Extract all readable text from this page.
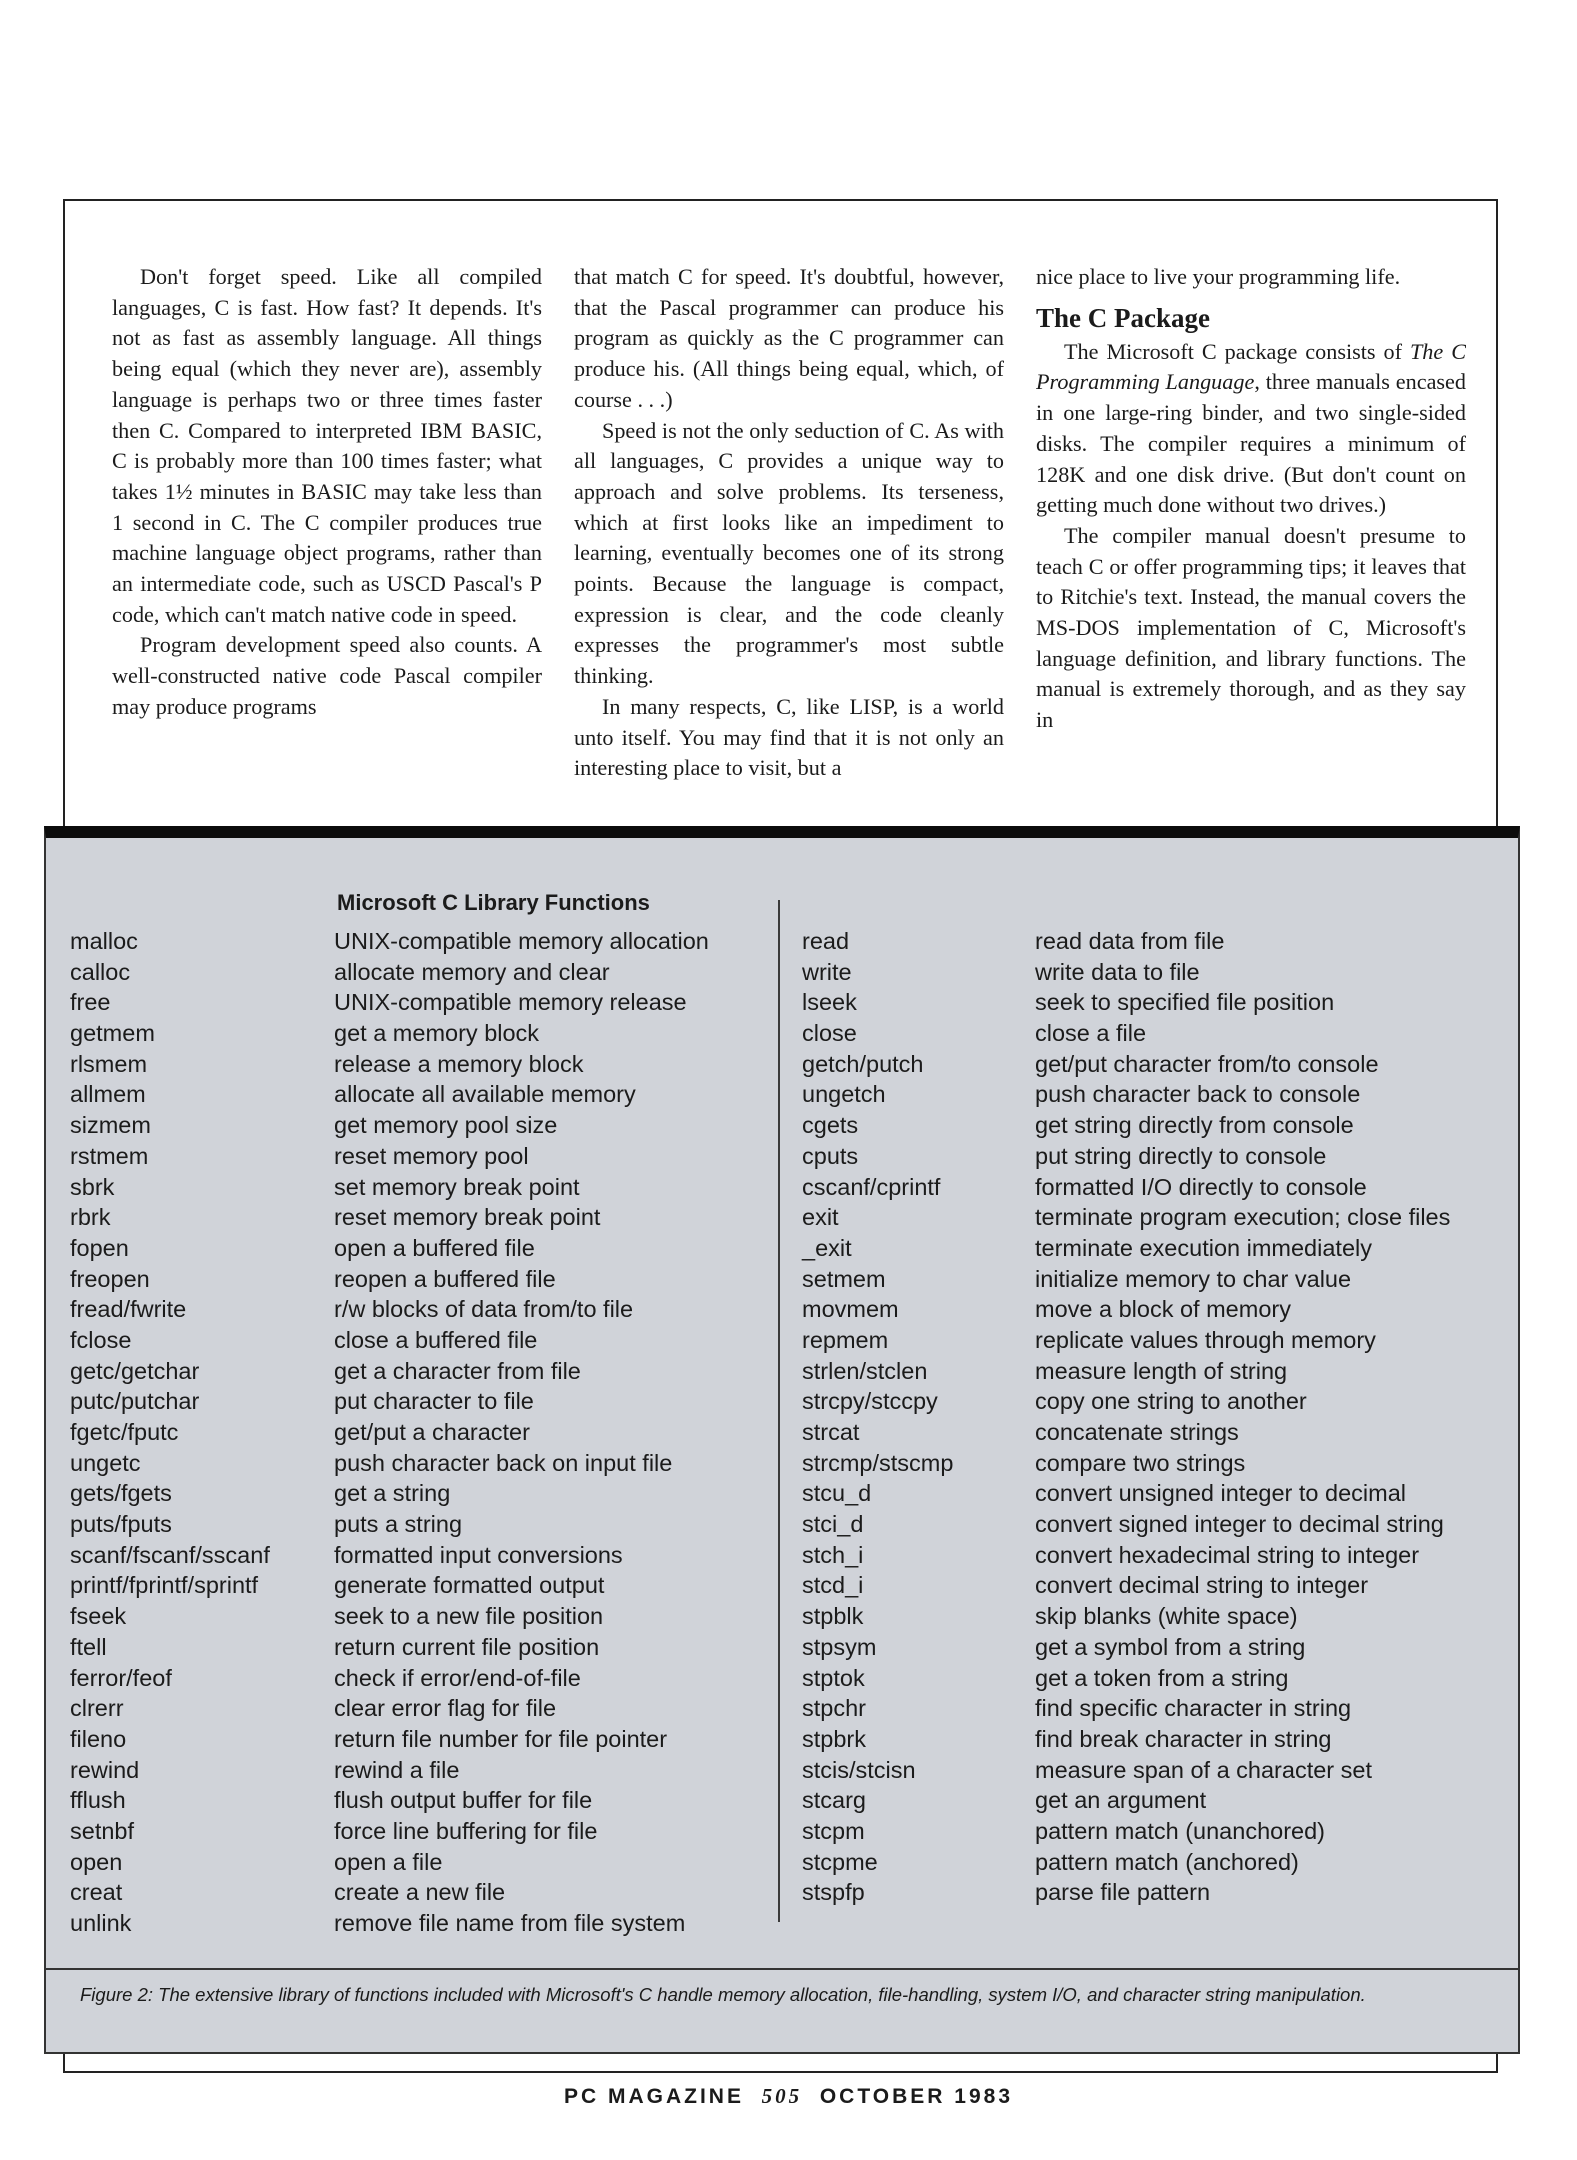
Don't forget speed. Like all compiled languages, C is fast. How fast? It depends. It's not as fast as assembly language. All things being equal (which they never are), assembly language is perhaps two or three times faster then C. Compared to interpreted IBM BASIC, C is probably more than 100 times faster; what takes 1½ minutes in BASIC may take less than 1 second in C. The C compiler produces true machine language object programs, rather than an intermediate code, such as USCD Pascal's P code, which can't match native code in speed.

Program development speed also counts. A well-constructed native code Pascal compiler may produce programs

that match C for speed. It's doubtful, however, that the Pascal programmer can produce his program as quickly as the C programmer can produce his. (All things being equal, which, of course . . .)

Speed is not the only seduction of C. As with all languages, C provides a unique way to approach and solve problems. Its terseness, which at first looks like an impediment to learning, eventually becomes one of its strong points. Because the language is compact, expression is clear, and the code cleanly expresses the programmer's most subtle thinking.

In many respects, C, like LISP, is a world unto itself. You may find that it is not only an interesting place to visit, but a

nice place to live your programming life.

The C Package

The Microsoft C package consists of The C Programming Language, three manuals encased in one large-ring binder, and two single-sided disks. The compiler requires a minimum of 128K and one disk drive. (But don't count on getting much done without two drives.)

The compiler manual doesn't presume to teach C or offer programming tips; it leaves that to Ritchie's text. Instead, the manual covers the MS-DOS implementation of C, Microsoft's language definition, and library functions. The manual is extremely thorough, and as they say in

Microsoft C Library Functions
malloc	UNIX-compatible memory allocation
calloc	allocate memory and clear
free	UNIX-compatible memory release
getmem	get a memory block
rlsmem	release a memory block
allmem	allocate all available memory
sizmem	get memory pool size
rstmem	reset memory pool
sbrk	set memory break point
rbrk	reset memory break point
fopen	open a buffered file
freopen	reopen a buffered file
fread/fwrite	r/w blocks of data from/to file
fclose	close a buffered file
getc/getchar	get a character from file
putc/putchar	put character to file
fgetc/fputc	get/put a character
ungetc	push character back on input file
gets/fgets	get a string
puts/fputs	puts a string
scanf/fscanf/sscanf	formatted input conversions
printf/fprintf/sprintf	generate formatted output
fseek	seek to a new file position
ftell	return current file position
ferror/feof	check if error/end-of-file
clrerr	clear error flag for file
fileno	return file number for file pointer
rewind	rewind a file
fflush	flush output buffer for file
setnbf	force line buffering for file
open	open a file
creat	create a new file
unlink	remove file name from file system
read	read data from file
write	write data to file
lseek	seek to specified file position
close	close a file
getch/putch	get/put character from/to console
ungetch	push character back to console
cgets	get string directly from console
cputs	put string directly to console
cscanf/cprintf	formatted I/O directly to console
exit	terminate program execution; close files
_exit	terminate execution immediately
setmem	initialize memory to char value
movmem	move a block of memory
repmem	replicate values through memory
strlen/stclen	measure length of string
strcpy/stccpy	copy one string to another
strcat	concatenate strings
strcmp/stscmp	compare two strings
stcu_d	convert unsigned integer to decimal
stci_d	convert signed integer to decimal string
stch_i	convert hexadecimal string to integer
stcd_i	convert decimal string to integer
stpblk	skip blanks (white space)
stpsym	get a symbol from a string
stptok	get a token from a string
stpchr	find specific character in string
stpbrk	find break character in string
stcis/stcisn	measure span of a character set
stcarg	get an argument
stcpm	pattern match (unanchored)
stcpme	pattern match (anchored)
stspfp	parse file pattern
Figure 2: The extensive library of functions included with Microsoft's C handle memory allocation, file-handling, system I/O, and character string manipulation.
PC MAGAZINE 505 OCTOBER 1983
